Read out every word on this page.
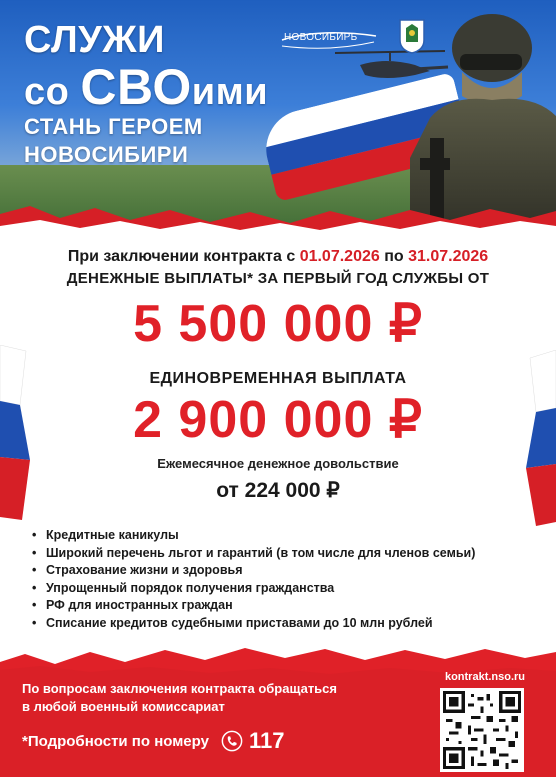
СЛУЖИ

со СВОими

СТАНЬ ГЕРОЕМ

НОВОСИБИРИ

НОВОСИБИРЬ

При заключении контракта с 01.07.2026 по 31.07.2026

ДЕНЕЖНЫЕ ВЫПЛАТЫ* ЗА ПЕРВЫЙ ГОД СЛУЖБЫ ОТ

5 500 000 ₽

ЕДИНОВРЕМЕННАЯ ВЫПЛАТА

2 900 000 ₽

Ежемесячное денежное довольствие

от 224 000 ₽

• Кредитные каникулы
• Широкий перечень льгот и гарантий (в том числе для членов семьи)
• Страхование жизни и здоровья
• Упрощенный порядок получения гражданства
• РФ для иностранных граждан
• Списание кредитов судебными приставами до 10 млн рублей

По вопросам заключения контракта обращаться

в любой военный комиссариат

*Подробности по номеру 117

kontrakt.nso.ru
